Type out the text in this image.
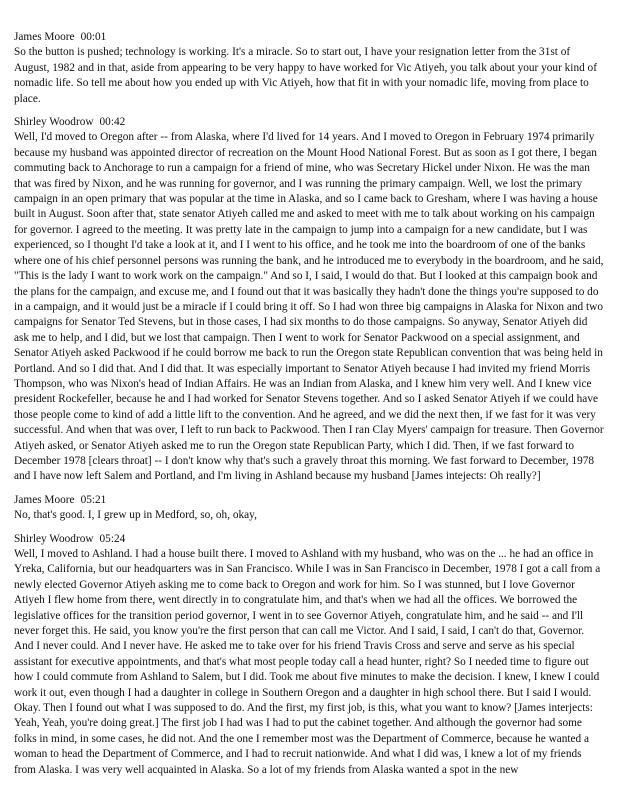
James Moore 00:01

So the button is pushed; technology is working. It's a miracle. So to start out, I have your resignation letter from the 31st of August, 1982 and in that, aside from appearing to be very happy to have worked for Vic Atiyeh, you talk about your your kind of nomadic life. So tell me about how you ended up with Vic Atiyeh, how that fit in with your nomadic life, moving from place to place.

Shirley Woodrow 00:42

Well, I'd moved to Oregon after -- from Alaska, where I'd lived for 14 years. And I moved to Oregon in February 1974 primarily because my husband was appointed director of recreation on the Mount Hood National Forest. But as soon as I got there, I began commuting back to Anchorage to run a campaign for a friend of mine, who was Secretary Hickel under Nixon. He was the man that was fired by Nixon, and he was running for governor, and I was running the primary campaign. Well, we lost the primary campaign in an open primary that was popular at the time in Alaska, and so I came back to Gresham, where I was having a house built in August. Soon after that, state senator Atiyeh called me and asked to meet with me to talk about working on his campaign for governor. I agreed to the meeting. It was pretty late in the campaign to jump into a campaign for a new candidate, but I was experienced, so I thought I'd take a look at it, and I I went to his office, and he took me into the boardroom of one of the banks where one of his chief personnel persons was running the bank, and he introduced me to everybody in the boardroom, and he said, "This is the lady I want to work work on the campaign." And so I, I said, I would do that. But I looked at this campaign book and the plans for the campaign, and excuse me, and I found out that it was basically they hadn't done the things you're supposed to do in a campaign, and it would just be a miracle if I could bring it off. So I had won three big campaigns in Alaska for Nixon and two campaigns for Senator Ted Stevens, but in those cases, I had six months to do those campaigns. So anyway, Senator Atiyeh did ask me to help, and I did, but we lost that campaign. Then I went to work for Senator Packwood on a special assignment, and Senator Atiyeh asked Packwood if he could borrow me back to run the Oregon state Republican convention that was being held in Portland. And so I did that. And I did that. It was especially important to Senator Atiyeh because I had invited my friend Morris Thompson, who was Nixon's head of Indian Affairs. He was an Indian from Alaska, and I knew him very well. And I knew vice president Rockefeller, because he and I had worked for Senator Stevens together. And so I asked Senator Atiyeh if we could have those people come to kind of add a little lift to the convention. And he agreed, and we did the next then, if we fast for it was very successful. And when that was over, I left to run back to Packwood. Then I ran Clay Myers' campaign for treasure. Then Governor Atiyeh asked, or Senator Atiyeh asked me to run the Oregon state Republican Party, which I did. Then, if we fast forward to December 1978 [clears throat] -- I don't know why that's such a gravely throat this morning. We fast forward to December, 1978 and I have now left Salem and Portland, and I'm living in Ashland because my husband [James intejects: Oh really?]

James Moore 05:21

No, that's good. I, I grew up in Medford, so, oh, okay,

Shirley Woodrow 05:24

Well, I moved to Ashland. I had a house built there. I moved to Ashland with my husband, who was on the ... he had an office in Yreka, California, but our headquarters was in San Francisco. While I was in San Francisco in December, 1978 I got a call from a newly elected Governor Atiyeh asking me to come back to Oregon and work for him. So I was stunned, but I love Governor Atiyeh I flew home from there, went directly in to congratulate him, and that's when we had all the offices. We borrowed the legislative offices for the transition period governor, I went in to see Governor Atiyeh, congratulate him, and he said -- and I'll never forget this. He said, you know you're the first person that can call me Victor. And I said, I said, I can't do that, Governor. And I never could. And I never have. He asked me to take over for his friend Travis Cross and serve and serve as his special assistant for executive appointments, and that's what most people today call a head hunter, right? So I needed time to figure out how I could commute from Ashland to Salem, but I did. Took me about five minutes to make the decision. I knew, I knew I could work it out, even though I had a daughter in college in Southern Oregon and a daughter in high school there. But I said I would. Okay. Then I found out what I was supposed to do. And the first, my first job, is this, what you want to know? [James interjects: Yeah, Yeah, you're doing great.] The first job I had was I had to put the cabinet together. And although the governor had some folks in mind, in some cases, he did not. And the one I remember most was the Department of Commerce, because he wanted a woman to head the Department of Commerce, and I had to recruit nationwide. And what I did was, I knew a lot of my friends from Alaska. I was very well acquainted in Alaska. So a lot of my friends from Alaska wanted a spot in the new
